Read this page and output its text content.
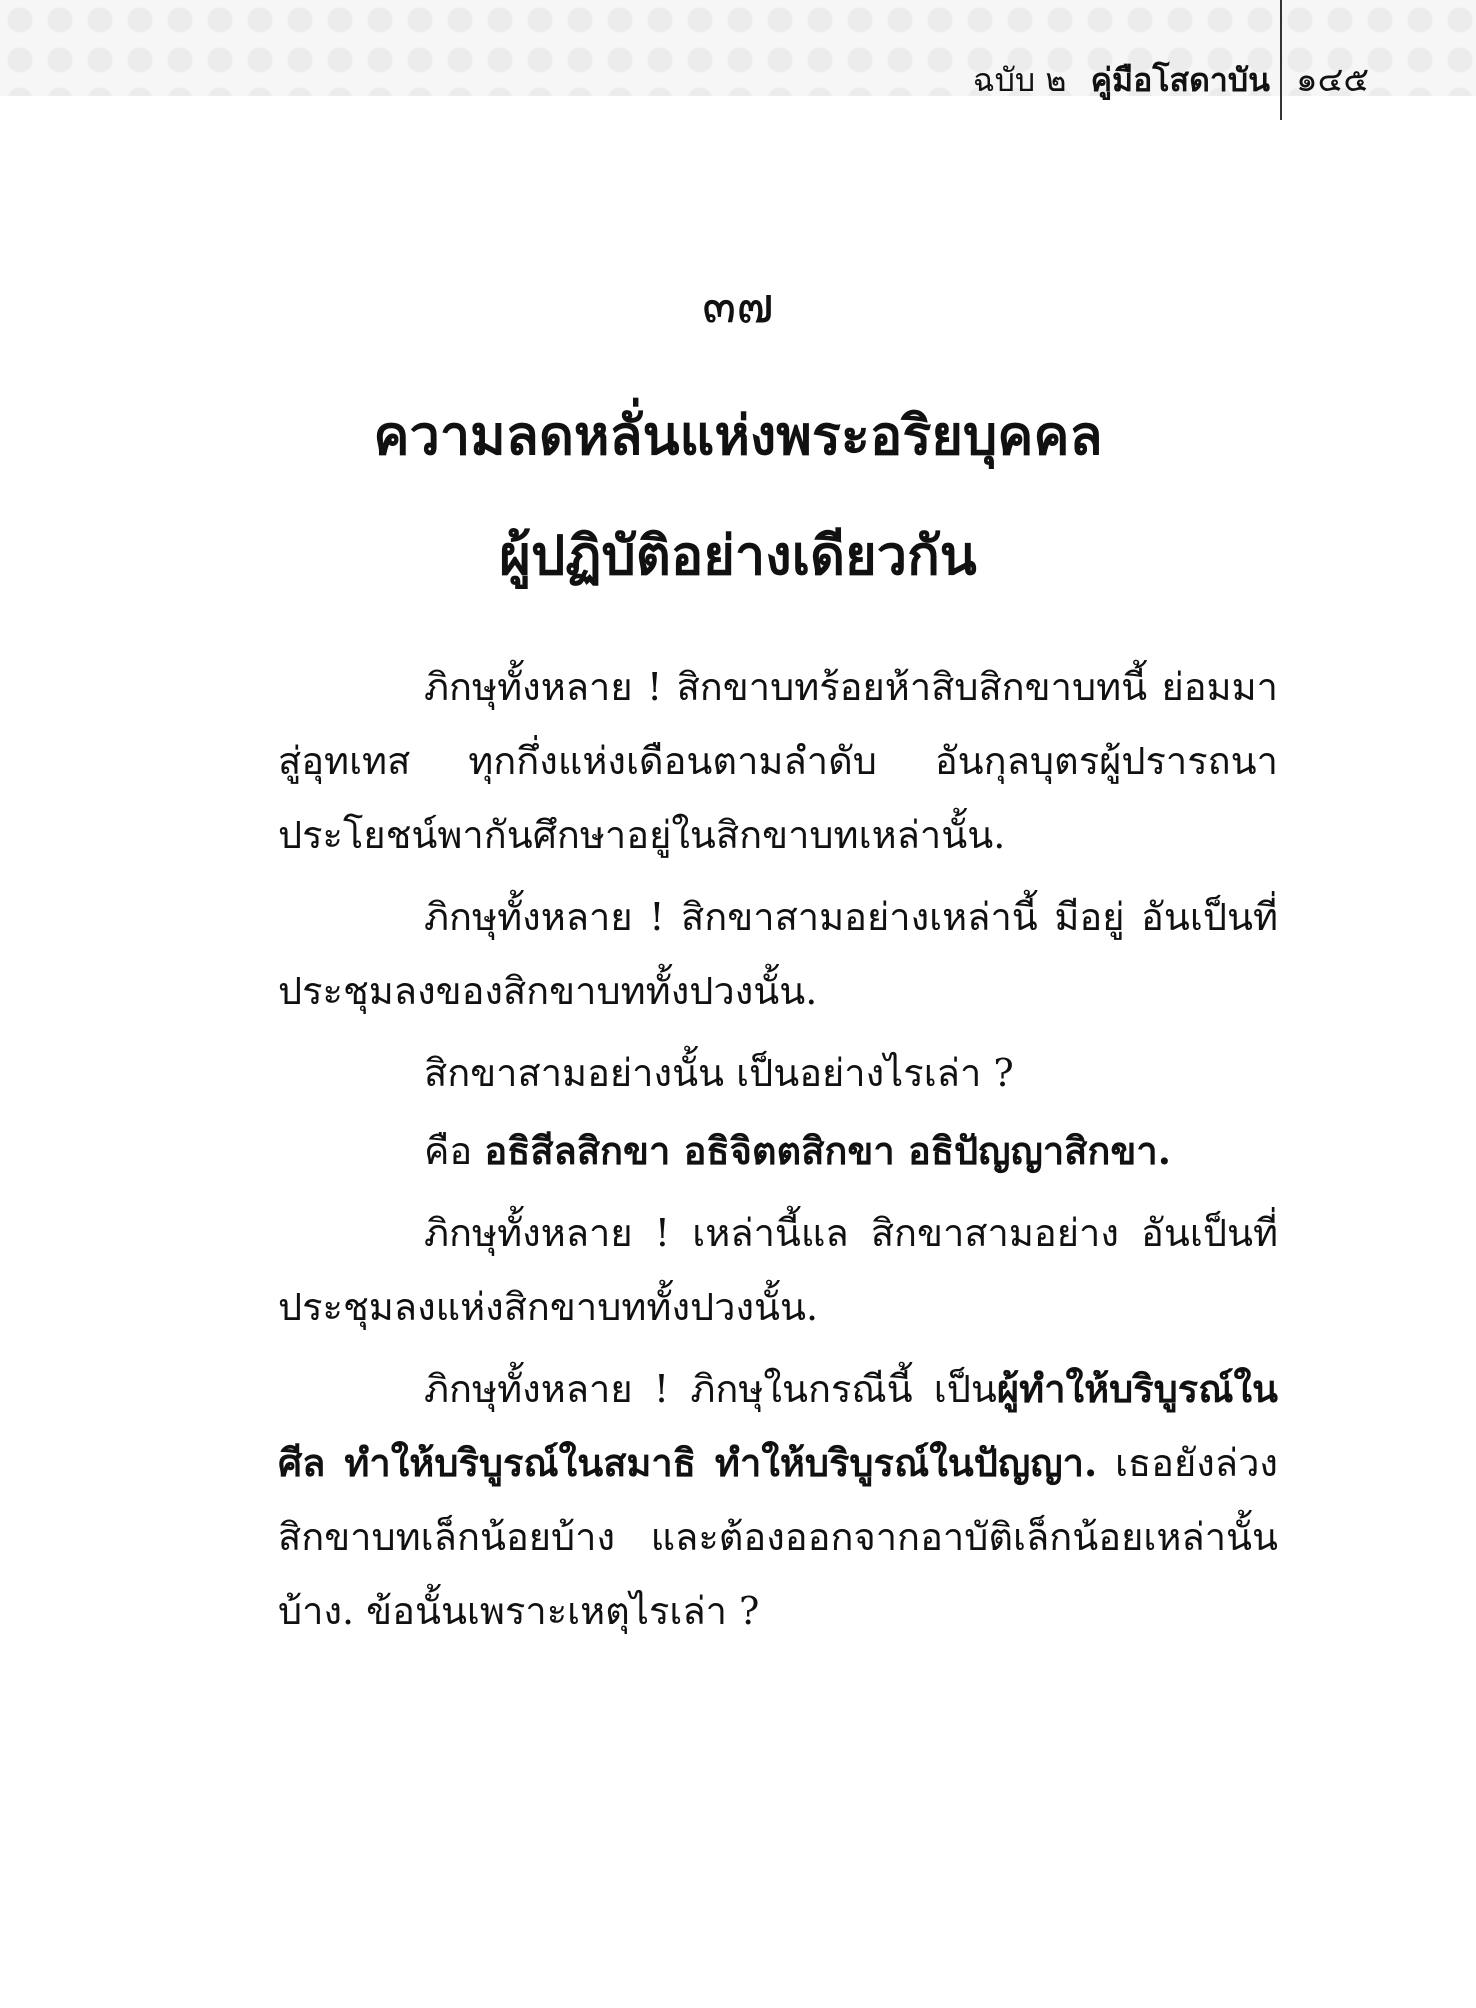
ฉบับ ๒ คู่มือโสดาบัน ๑๔๕
๓๗
ความลดหลั่นแห่งพระอริยบุคคล
ผู้ปฏิบัติอย่างเดียวกัน

ภิกษุทั้งหลาย ! สิกขาบทร้อยห้าสิบสิกขาบทนี้ ย่อมมาสู่อุทเทส ทุกกึ่งแห่งเดือนตามลำดับ อันกุลบุตรผู้ปรารถนาประโยชน์พากันศึกษาอยู่ในสิกขาบทเหล่านั้น.

ภิกษุทั้งหลาย ! สิกขาสามอย่างเหล่านี้ มีอยู่ อันเป็นที่ประชุมลงของสิกขาบททั้งปวงนั้น.

สิกขาสามอย่างนั้น เป็นอย่างไรเล่า ?

คือ อธิสีลสิกขา อธิจิตตสิกขา อธิปัญญาสิกขา.

ภิกษุทั้งหลาย ! เหล่านี้แล สิกขาสามอย่าง อันเป็นที่ประชุมลงแห่งสิกขาบททั้งปวงนั้น.

ภิกษุทั้งหลาย ! ภิกษุในกรณีนี้ เป็นผู้ทำให้บริบูรณ์ในศีล ทำให้บริบูรณ์ในสมาธิ ทำให้บริบูรณ์ในปัญญา. เธอยังล่วงสิกขาบทเล็กน้อยบ้าง และต้องออกจากอาบัติเล็กน้อยเหล่านั้นบ้าง. ข้อนั้นเพราะเหตุไรเล่า ?
